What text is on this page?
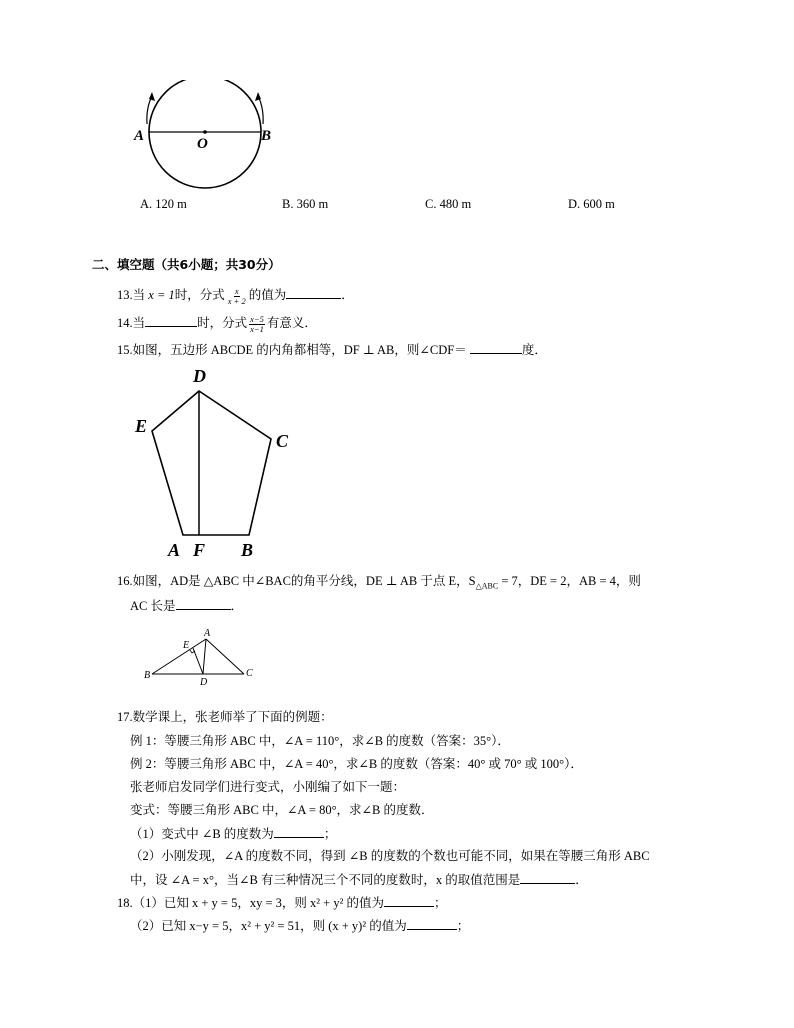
A	O	B
A. 120 m	B. 360 m	C. 480 m	D. 600 m
二、填空题（共6小题；共30分）
13.当 x = 1时，分式 $\frac{x}{x + 2}$ 的值为	．
14.当	时，分式 $\frac{x-5}{x-1}$ 有意义．
15.如图，五边形 ABCDE 的内角都相等，DF ⊥ AB，则∠CDF＝	度．
D
E
C
A F B
16.如图，AD是 △ABC 中∠BAC的角平分线，DE ⊥ AB 于点 E，$S_{\triangle ABC} = 7$，DE = 2，AB = 4，则
AC 长是	．
A
E
B	C
D
17.数学课上，张老师举了下面的例题：
例 1：等腰三角形 ABC 中，∠A = 110°，求∠B 的度数（答案：35°）．
例 2：等腰三角形 ABC 中，∠A = 40°，求∠B 的度数（答案：40° 或 70° 或 100°）．
张老师启发同学们进行变式，小刚编了如下一题：
变式：等腰三角形 ABC 中，∠A = 80°，求∠B 的度数．
（1）变式中 ∠B 的度数为	；
（2）小刚发现，∠A 的度数不同，得到 ∠B 的度数的个数也可能不同，如果在等腰三角形 ABC
中，设 ∠A = x°，当∠B 有三种情况三个不同的度数时，x 的取值范围是	．
18.（1）已知 x + y = 5，xy = 3，则 x² + y² 的值为	；
（2）已知 x−y = 5，x² + y² = 51，则 (x + y)² 的值为	；
